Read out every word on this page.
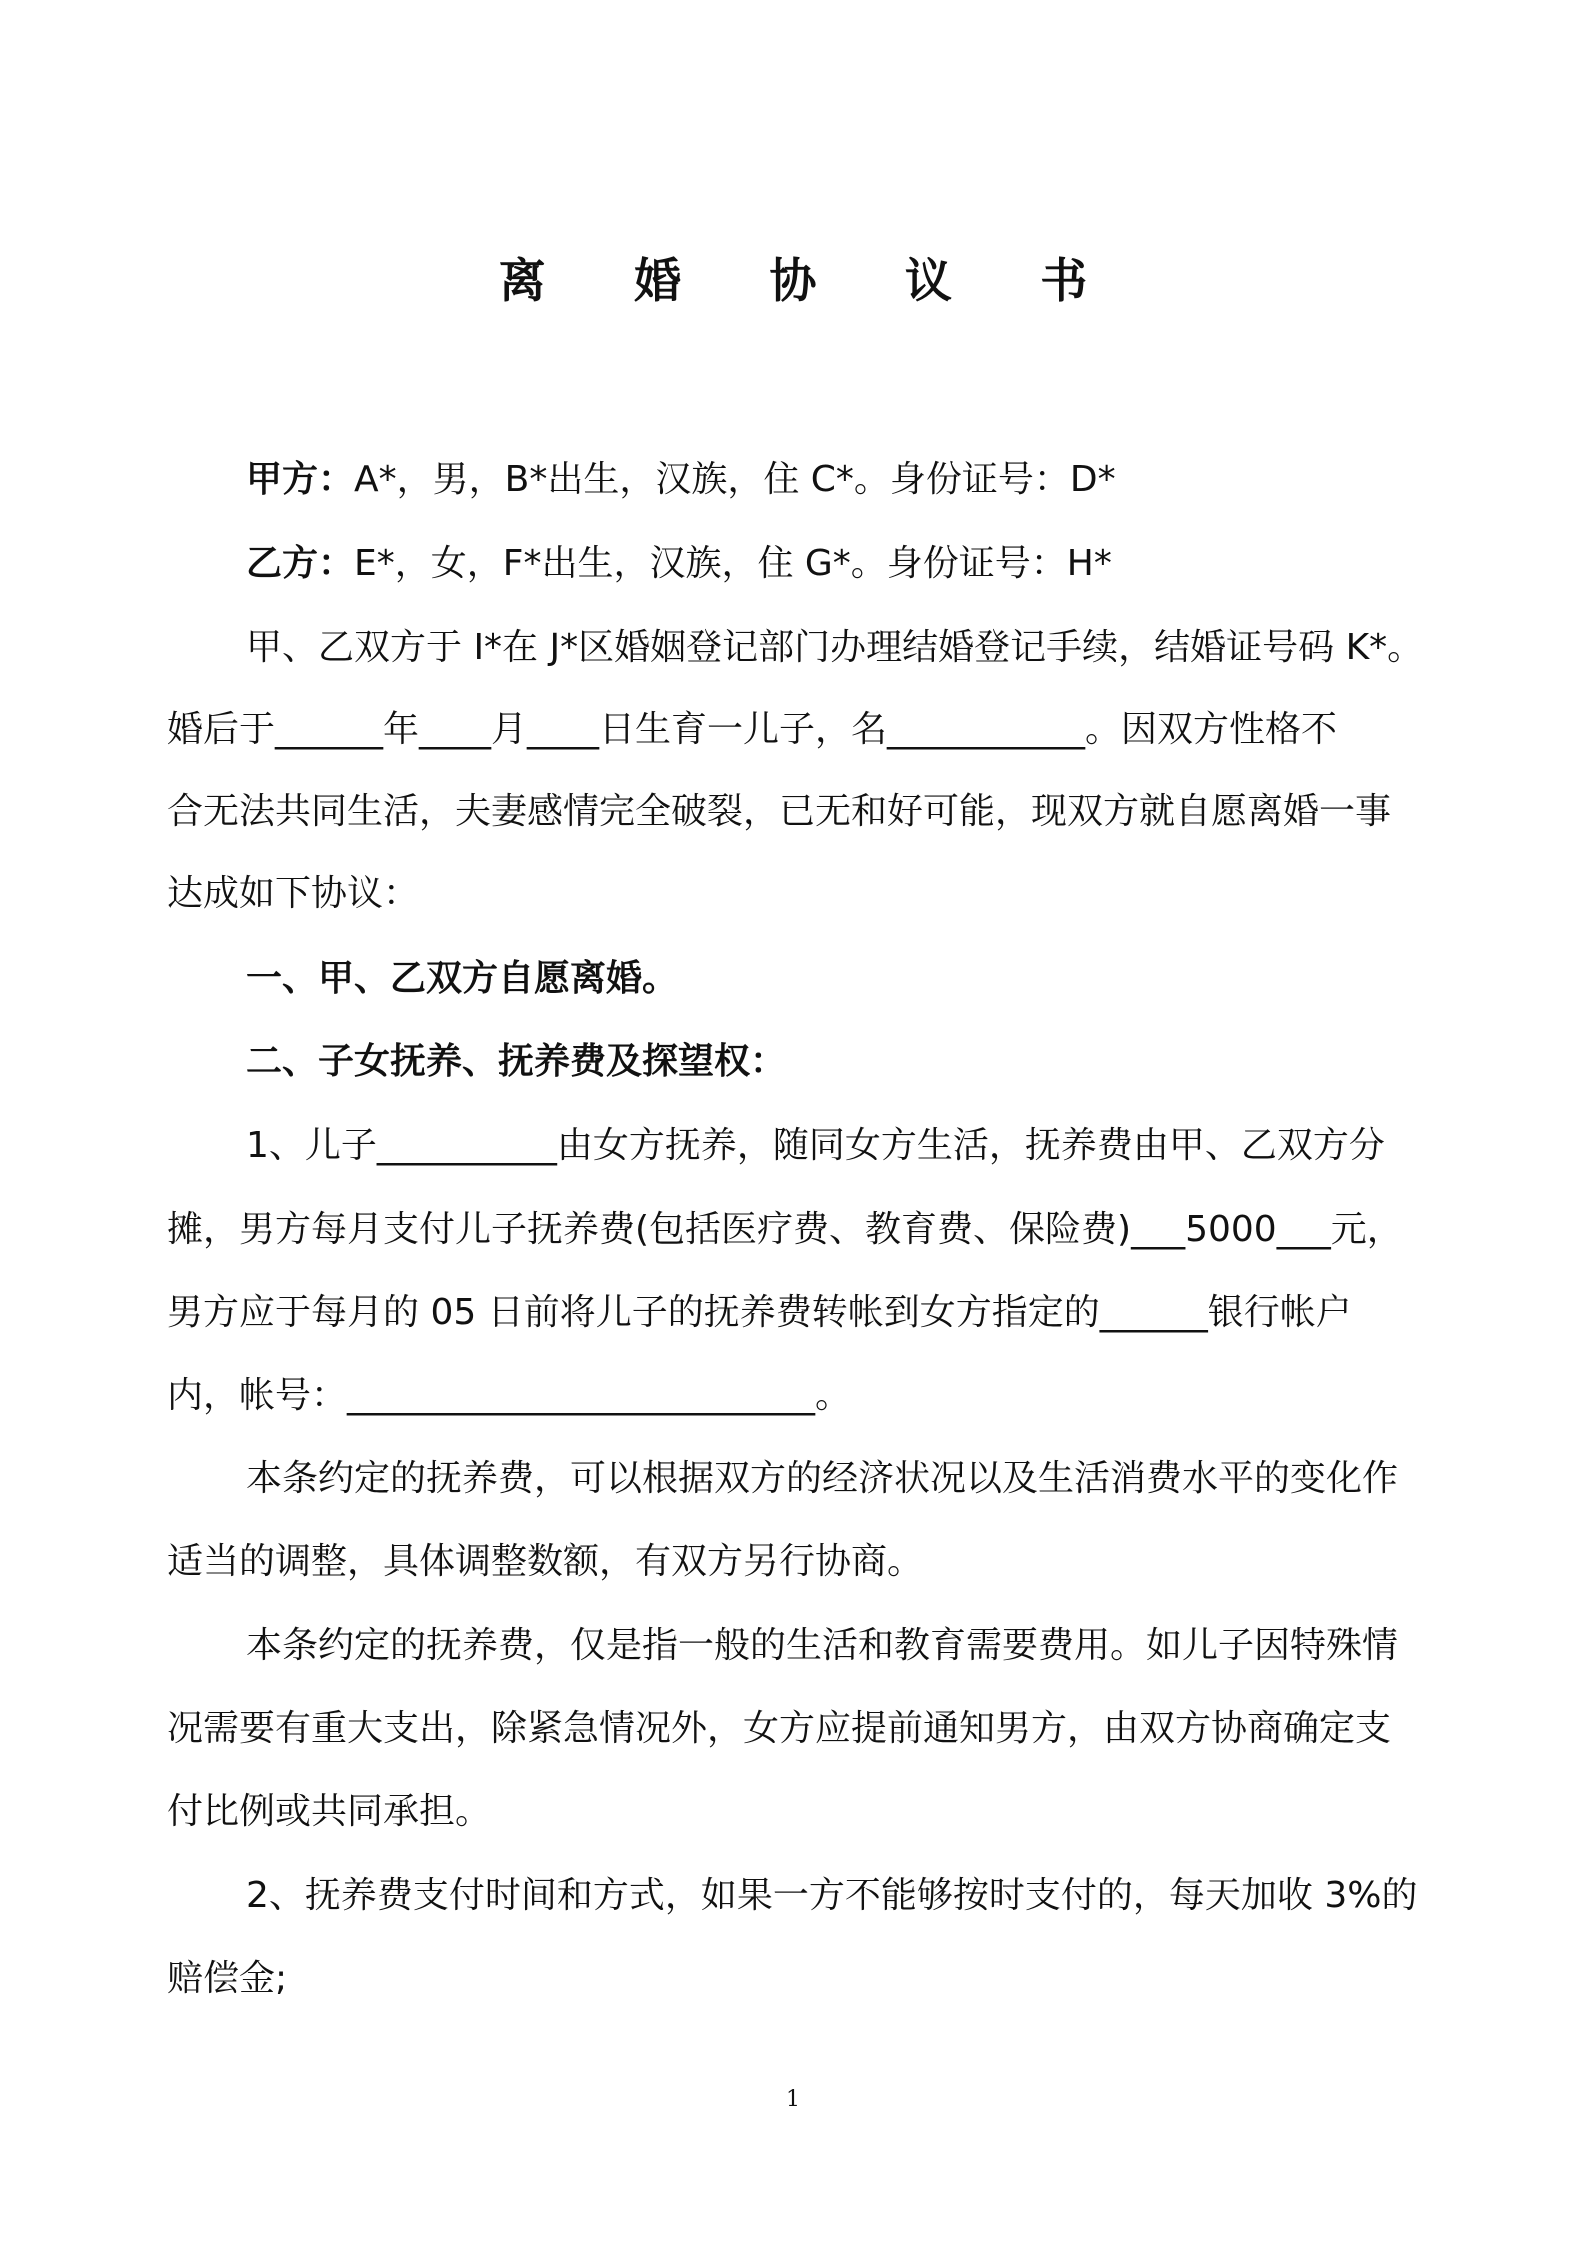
离 婚 协 议 书
甲方：A*，男，B*出生，汉族，住 C*。身份证号：D*
乙方：E*，女，F*出生，汉族，住 G*。身份证号：H*
甲、乙双方于 I*在 J*区婚姻登记部门办理结婚登记手续，结婚证号码 K*。
婚后于______年____月____日生育一儿子，名___________。因双方性格不
合无法共同生活，夫妻感情完全破裂，已无和好可能，现双方就自愿离婚一事
达成如下协议：
一、甲、乙双方自愿离婚。
二、子女抚养、抚养费及探望权：
1、儿子__________由女方抚养，随同女方生活，抚养费由甲、乙双方分
摊，男方每月支付儿子抚养费(包括医疗费、教育费、保险费)___5000___元，
男方应于每月的 05 日前将儿子的抚养费转帐到女方指定的______银行帐户
内，帐号：__________________________。
本条约定的抚养费，可以根据双方的经济状况以及生活消费水平的变化作
适当的调整，具体调整数额，有双方另行协商。
本条约定的抚养费，仅是指一般的生活和教育需要费用。如儿子因特殊情
况需要有重大支出，除紧急情况外，女方应提前通知男方，由双方协商确定支
付比例或共同承担。
2、抚养费支付时间和方式，如果一方不能够按时支付的，每天加收 3%的
赔偿金;
1
